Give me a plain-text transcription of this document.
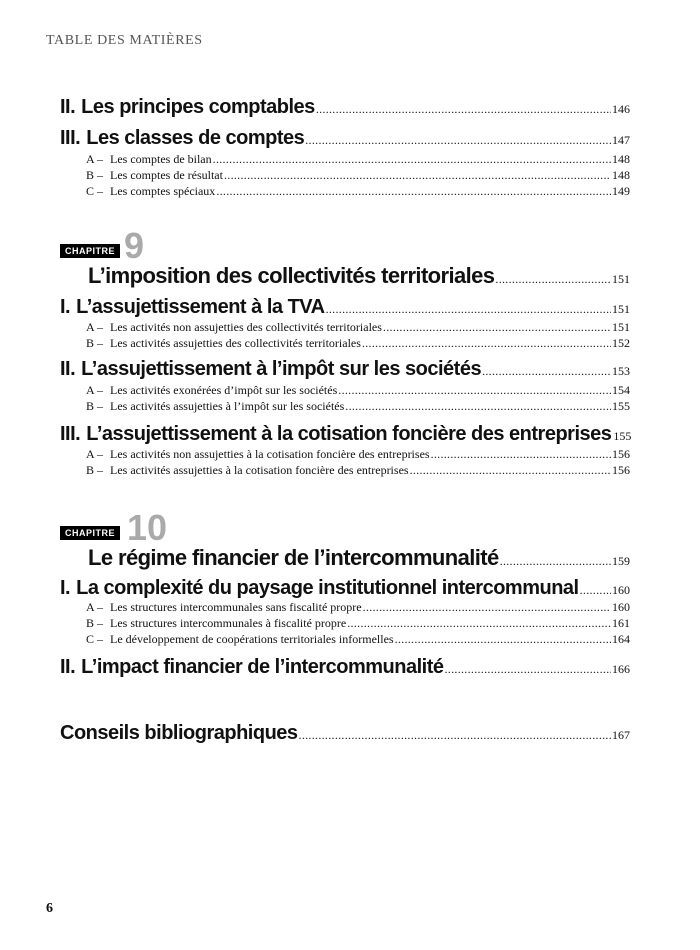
TABLE DES MATIÈRES
II. Les principes comptables .....	146
III. Les classes de comptes .....	147
A – Les comptes de bilan .....	148
B – Les comptes de résultat .....	148
C – Les comptes spéciaux .....	149
CHAPITRE 9
L’imposition des collectivités territoriales .....	151
I. L’assujettissement à la TVA .....	151
A – Les activités non assujetties des collectivités territoriales .....	151
B – Les activités assujetties des collectivités territoriales .....	152
II. L’assujettissement à l’impôt sur les sociétés .....	153
A – Les activités exonérées d’impôt sur les sociétés .....	154
B – Les activités assujetties à l’impôt sur les sociétés .....	155
III. L’assujettissement à la cotisation foncière des entreprises 155
A – Les activités non assujetties à la cotisation foncière des entreprises .....	156
B – Les activités assujetties à la cotisation foncière des entreprises .....	156
CHAPITRE 10
Le régime financier de l’intercommunalité .....	159
I. La complexité du paysage institutionnel intercommunal .....	160
A – Les structures intercommunales sans fiscalité propre .....	160
B – Les structures intercommunales à fiscalité propre .....	161
C – Le développement de coopérations territoriales informelles .....	164
II. L’impact financier de l’intercommunalité .....	166
Conseils bibliographiques .....	167
6
